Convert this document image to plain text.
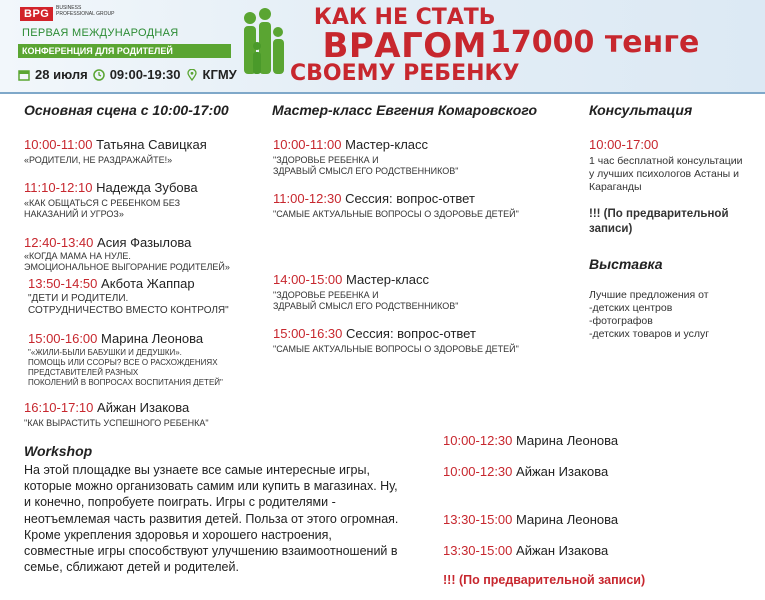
BPG	BUSINESS PROFESSIONAL GROUP
ПЕРВАЯ МЕЖДУНАРОДНАЯ
КОНФЕРЕНЦИЯ ДЛЯ РОДИТЕЛЕЙ
28 июля 09:00-19:30 КГМУ
КАК НЕ СТАТЬ
ВРАГОМ
СВОЕМУ РЕБЕНКУ
17000 тенге
Основная сцена с 10:00-17:00
10:00-11:00 Татьяна Савицкая
«РОДИТЕЛИ, НЕ РАЗДРАЖАЙТЕ!»
11:10-12:10 Надежда Зубова
«КАК ОБЩАТЬСЯ С РЕБЕНКОМ БЕЗ
НАКАЗАНИЙ И УГРОЗ»
12:40-13:40 Асия Фазылова
«КОГДА МАМА НА НУЛЕ.
ЭМОЦИОНАЛЬНОЕ ВЫГОРАНИЕ РОДИТЕЛЕЙ»
13:50-14:50 Акбота Жаппар
"ДЕТИ И РОДИТЕЛИ.
СОТРУДНИЧЕСТВО ВМЕСТО КОНТРОЛЯ"
15:00-16:00 Марина Леонова
"«ЖИЛИ-БЫЛИ БАБУШКИ И ДЕДУШКИ».
ПОМОЩЬ ИЛИ ССОРЫ? ВСЕ О РАСХОЖДЕНИЯХ
ПРЕДСТАВИТЕЛЕЙ РАЗНЫХ
ПОКОЛЕНИЙ В ВОПРОСАХ ВОСПИТАНИЯ ДЕТЕЙ"
16:10-17:10 Айжан Изакова
"КАК ВЫРАСТИТЬ УСПЕШНОГО РЕБЕНКА"
Мастер-класс Евгения Комаровского
10:00-11:00 Мастер-класс
"ЗДОРОВЬЕ РЕБЕНКА И
ЗДРАВЫЙ СМЫСЛ ЕГО РОДСТВЕННИКОВ"
11:00-12:30 Сессия: вопрос-ответ
"САМЫЕ АКТУАЛЬНЫЕ ВОПРОСЫ О ЗДОРОВЬЕ ДЕТЕЙ"
14:00-15:00 Мастер-класс
"ЗДОРОВЬЕ РЕБЕНКА И
ЗДРАВЫЙ СМЫСЛ ЕГО РОДСТВЕННИКОВ"
15:00-16:30 Сессия: вопрос-ответ
"САМЫЕ АКТУАЛЬНЫЕ ВОПРОСЫ О ЗДОРОВЬЕ ДЕТЕЙ"
Консультация
10:00-17:00
1 час бесплатной консультации
у лучших психологов Астаны и
Караганды
!!! (По предварительной
записи)
Выставка
Лучшие предложения от
-детских центров
-фотографов
-детских товаров и услуг
Workshop
На этой площадке вы узнаете все самые интересные игры, которые можно организовать самим или купить в магазинах. Ну, и конечно, попробуете поиграть. Игры с родителями - неотъемлемая часть развития детей. Польза от этого огромная. Кроме укрепления здоровья и хорошего настроения, совместные игры способствуют улучшению взаимоотношений в семье, сближают детей и родителей.
10:00-12:30 Марина Леонова
10:00-12:30 Айжан Изакова
13:30-15:00 Марина Леонова
13:30-15:00 Айжан Изакова
!!! (По предварительной записи)
